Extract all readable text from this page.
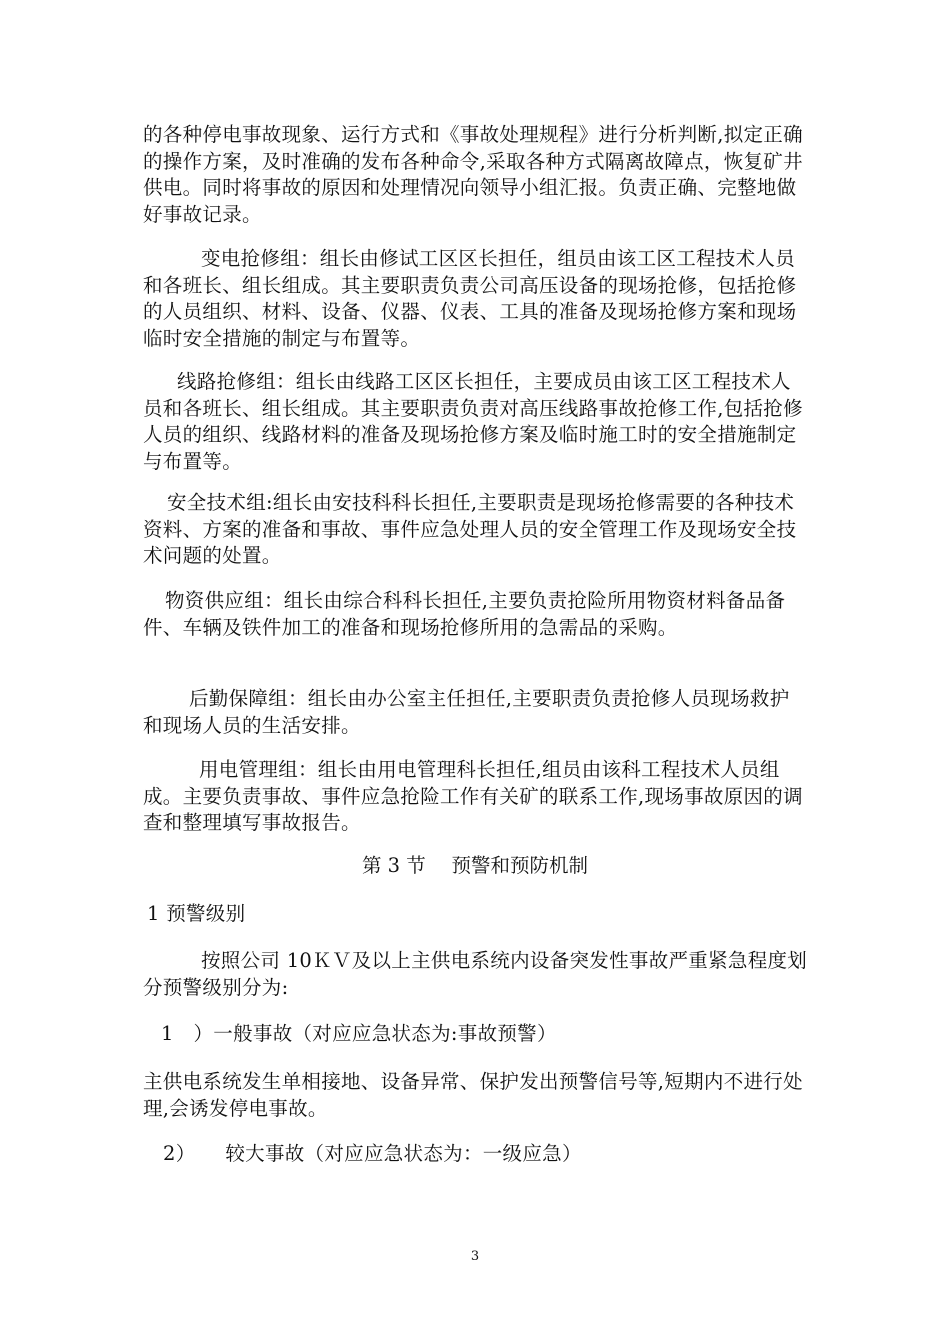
的各种停电事故现象、运行方式和《事故处理规程》进行分析判断,拟定正确的操作方案，及时准确的发布各种命令,采取各种方式隔离故障点，恢复矿井供电。同时将事故的原因和处理情况向领导小组汇报。负责正确、完整地做好事故记录。

变电抢修组：组长由修试工区区长担任，组员由该工区工程技术人员和各班长、组长组成。其主要职责负责公司高压设备的现场抢修，包括抢修的人员组织、材料、设备、仪器、仪表、工具的准备及现场抢修方案和现场临时安全措施的制定与布置等。

线路抢修组：组长由线路工区区长担任，主要成员由该工区工程技术人员和各班长、组长组成。其主要职责负责对高压线路事故抢修工作,包括抢修人员的组织、线路材料的准备及现场抢修方案及临时施工时的安全措施制定与布置等。

安全技术组:组长由安技科科长担任,主要职责是现场抢修需要的各种技术资料、方案的准备和事故、事件应急处理人员的安全管理工作及现场安全技术问题的处置。

物资供应组：组长由综合科科长担任,主要负责抢险所用物资材料备品备件、车辆及铁件加工的准备和现场抢修所用的急需品的采购。

后勤保障组：组长由办公室主任担任,主要职责负责抢修人员现场救护和现场人员的生活安排。

用电管理组：组长由用电管理科长担任,组员由该科工程技术人员组成。主要负责事故、事件应急抢险工作有关矿的联系工作,现场事故原因的调查和整理填写事故报告。

第 3 节　 预警和预防机制

1 预警级别

按照公司 10ＫＶ及以上主供电系统内设备突发性事故严重紧急程度划分预警级别分为:

1　）一般事故（对应应急状态为:事故预警）

主供电系统发生单相接地、设备异常、保护发出预警信号等,短期内不进行处理,会诱发停电事故。

2）　　较大事故（对应应急状态为：一级应急）

3
